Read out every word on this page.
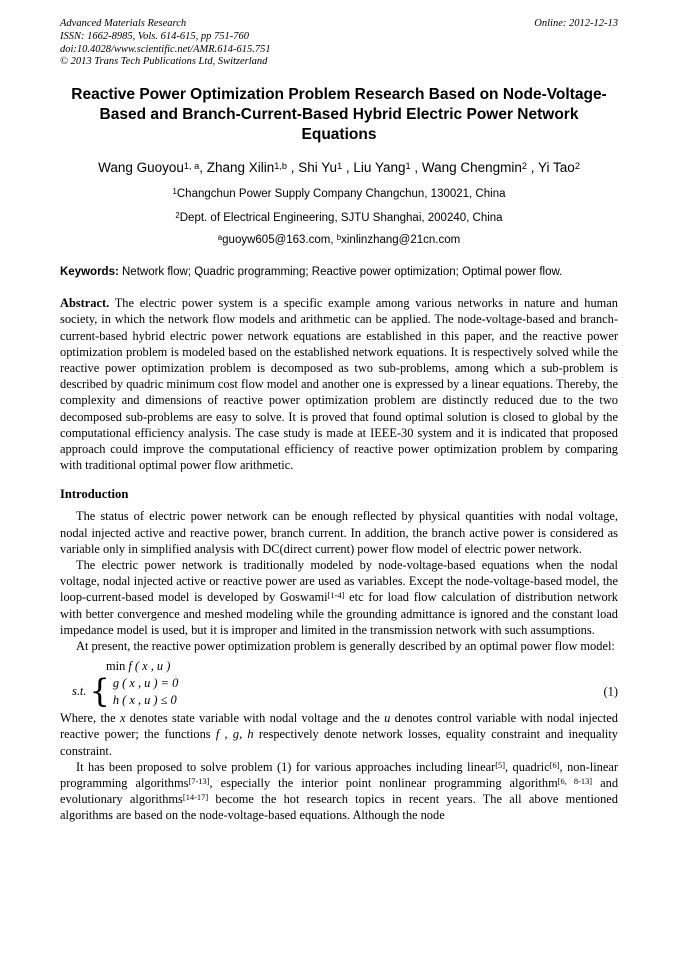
Advanced Materials Research
ISSN: 1662-8985, Vols. 614-615, pp 751-760
doi:10.4028/www.scientific.net/AMR.614-615.751
© 2013 Trans Tech Publications Ltd, Switzerland
Online: 2012-12-13
Reactive Power Optimization Problem Research Based on Node-Voltage-Based and Branch-Current-Based Hybrid Electric Power Network Equations
Wang Guoyou$^{1, a}$, Zhang Xilin$^{1,b}$ , Shi Yu$^1$ , Liu Yang$^1$ , Wang Chengmin$^2$ , Yi Tao$^2$
$^1$Changchun Power Supply Company Changchun, 130021, China
$^2$Dept. of Electrical Engineering, SJTU Shanghai, 200240, China
$^a$guoyw605@163.com, $^b$xinlinzhang@21cn.com

Keywords: Network flow; Quadric programming; Reactive power optimization; Optimal power flow.

Abstract. The electric power system is a specific example among various networks in nature and human society, in which the network flow models and arithmetic can be applied. The node-voltage-based and branch-current-based hybrid electric power network equations are established in this paper, and the reactive power optimization problem is modeled based on the established network equations. It is respectively solved while the reactive power optimization problem is decomposed as two sub-problems, among which a sub-problem is described by quadric minimum cost flow model and another one is expressed by a linear equations. Thereby, the complexity and dimensions of reactive power optimization problem are distinctly reduced due to the two decomposed sub-problems are easy to solve. It is proved that found optimal solution is closed to global by the computational efficiency analysis. The case study is made at IEEE-30 system and it is indicated that proposed approach could improve the computational efficiency of reactive power optimization problem by comparing with traditional optimal power flow arithmetic.

Introduction

The status of electric power network can be enough reflected by physical quantities with nodal voltage, nodal injected active and reactive power, branch current. In addition, the branch active power is considered as variable only in simplified analysis with DC(direct current) power flow model of electric power network.

The electric power network is traditionally modeled by node-voltage-based equations when the nodal voltage, nodal injected active or reactive power are used as variables. Except the node-voltage-based model, the loop-current-based model is developed by Goswami[1-4] etc for load flow calculation of distribution network with better convergence and meshed modeling while the grounding admittance is ignored and the constant load impedance model is used, but it is improper and limited in the transmission network with such assumptions.

At present, the reactive power optimization problem is generally described by an optimal power flow model:

min f ( x , u )
s.t. { g ( x , u ) = 0
h ( x , u ) ≤ 0
(1)

Where, the x denotes state variable with nodal voltage and the u denotes control variable with nodal injected reactive power; the functions f , g, h respectively denote network losses, equality constraint and inequality constraint.

It has been proposed to solve problem (1) for various approaches including linear[5], quadric[6], non-linear programming algorithms[7-13], especially the interior point nonlinear programming algorithm[6, 8-13] and evolutionary algorithms[14-17] become the hot research topics in recent years. The all above mentioned algorithms are based on the node-voltage-based equations. Although the node
